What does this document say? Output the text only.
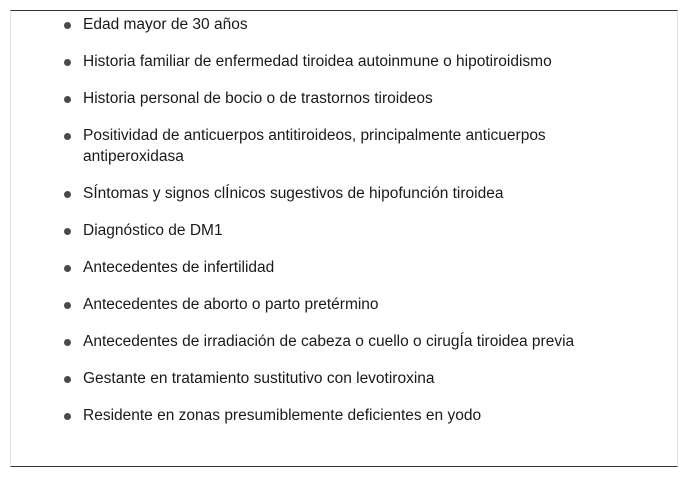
Edad mayor de 30 años
Historia familiar de enfermedad tiroidea autoinmune o hipotiroidismo
Historia personal de bocio o de trastornos tiroideos
Positividad de anticuerpos antitiroideos, principalmente anticuerpos antiperoxidasa
SÍntomas y signos clÍnicos sugestivos de hipofunción tiroidea
Diagnóstico de DM1
Antecedentes de infertilidad
Antecedentes de aborto o parto pretérmino
Antecedentes de irradiación de cabeza o cuello o cirugÍa tiroidea previa
Gestante en tratamiento sustitutivo con levotiroxina
Residente en zonas presumiblemente deficientes en yodo
